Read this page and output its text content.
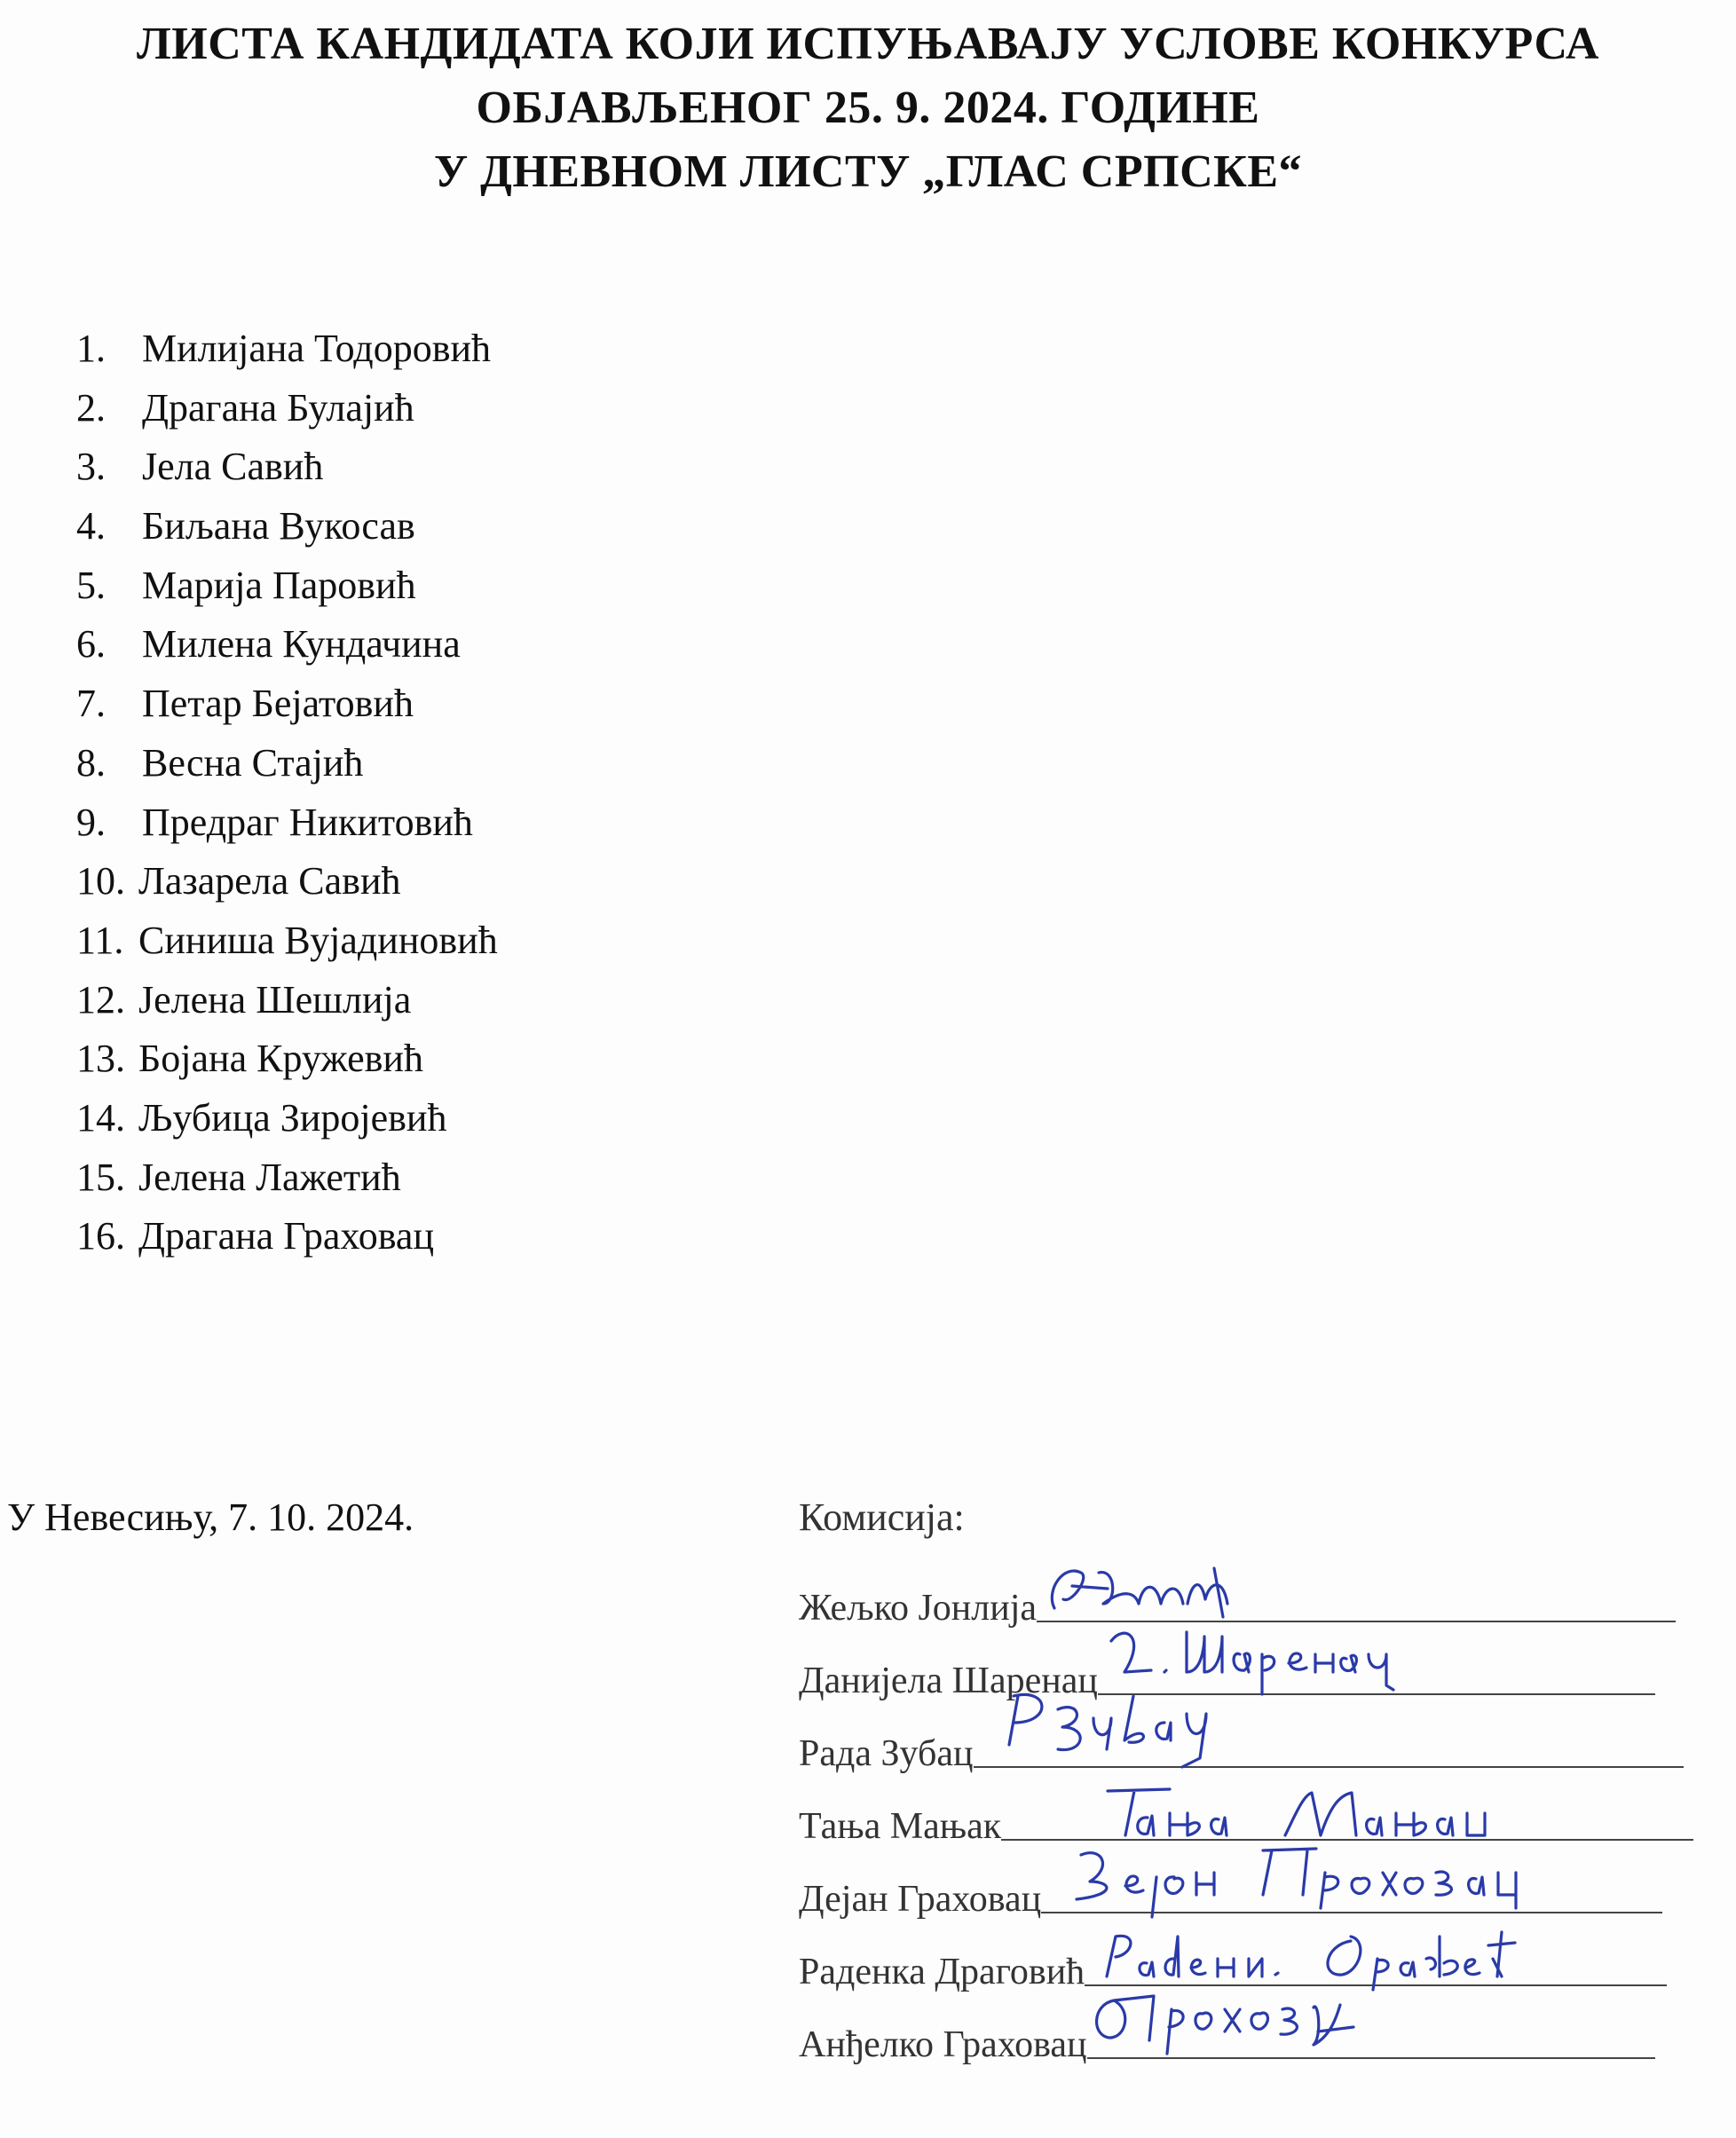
ЛИСТА КАНДИДАТА КОЈИ ИСПУЊАВАЈУ УСЛОВЕ КОНКУРСА
ОБЈАВЉЕНОГ 25. 9. 2024. ГОДИНЕ
У ДНЕВНОМ ЛИСТУ „ГЛАС СРПСКЕ“
1. Милијана Тодоровић
2. Драгана Булајић
3. Јела Савић
4. Биљана Вукосав
5. Марија Паровић
6. Милена Кундачина
7. Петар Бејатовић
8. Весна Стајић
9. Предраг Никитовић
10. Лазарела Савић
11. Синиша Вујадиновић
12. Јелена Шешлија
13. Бојана Кружевић
14. Љубица Зиројевић
15. Јелена Лажетић
16. Драгана Граховац
У Невесињу, 7. 10. 2024.	Комисија:
Жељко Јонлија
Данијела Шаренац
Рада Зубац
Тања Мањак
Дејан Граховац
Раденка Драговић
Анђелко Граховац
